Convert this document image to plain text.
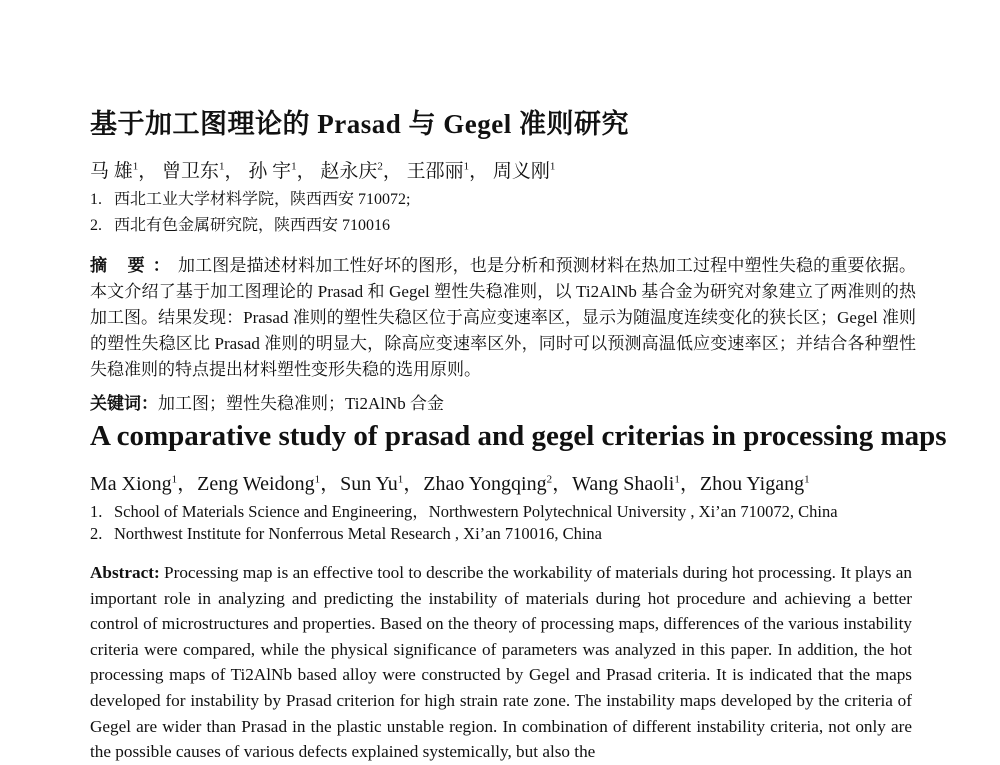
基于加工图理论的 Prasad 与 Gegel 准则研究
马 雄$^1$， 曾卫东$^1$， 孙 宇$^1$， 赵永庆$^2$， 王邵丽$^1$， 周义刚$^1$
1. 西北工业大学材料学院，陕西西安 710072;
2. 西北有色金属研究院，陕西西安 710016

摘 要：加工图是描述材料加工性好坏的图形，也是分析和预测材料在热加工过程中塑性失稳的重要依据。本文介绍了基于加工图理论的 Prasad 和 Gegel 塑性失稳准则，以 Ti2AlNb 基合金为研究对象建立了两准则的热加工图。结果发现：Prasad 准则的塑性失稳区位于高应变速率区，显示为随温度连续变化的狭长区；Gegel 准则的塑性失稳区比 Prasad 准则的明显大，除高应变速率区外，同时可以预测高温低应变速率区；并结合各种塑性失稳准则的特点提出材料塑性变形失稳的选用原则。

关键词：加工图；塑性失稳准则；Ti2AlNb 合金
A comparative study of prasad and gegel criterias in processing maps
Ma Xiong$^1$，Zeng Weidong$^1$，Sun Yu$^1$，Zhao Yongqing$^2$，Wang Shaoli$^1$，Zhou Yigang$^1$
1. School of Materials Science and Engineering，Northwestern Polytechnical University , Xi’an 710072, China
2. Northwest Institute for Nonferrous Metal Research , Xi’an 710016, China

Abstract: Processing map is an effective tool to describe the workability of materials during hot processing. It plays an important role in analyzing and predicting the instability of materials during hot procedure and achieving a better control of microstructures and properties. Based on the theory of processing maps, differences of the various instability criteria were compared, while the physical significance of parameters was analyzed in this paper. In addition, the hot processing maps of Ti2AlNb based alloy were constructed by Gegel and Prasad criteria. It is indicated that the maps developed for instability by Prasad criterion for high strain rate zone. The instability maps developed by the criteria of Gegel are wider than Prasad in the plastic unstable region. In combination of different instability criteria, not only are the possible causes of various defects explained systemically, but also the
